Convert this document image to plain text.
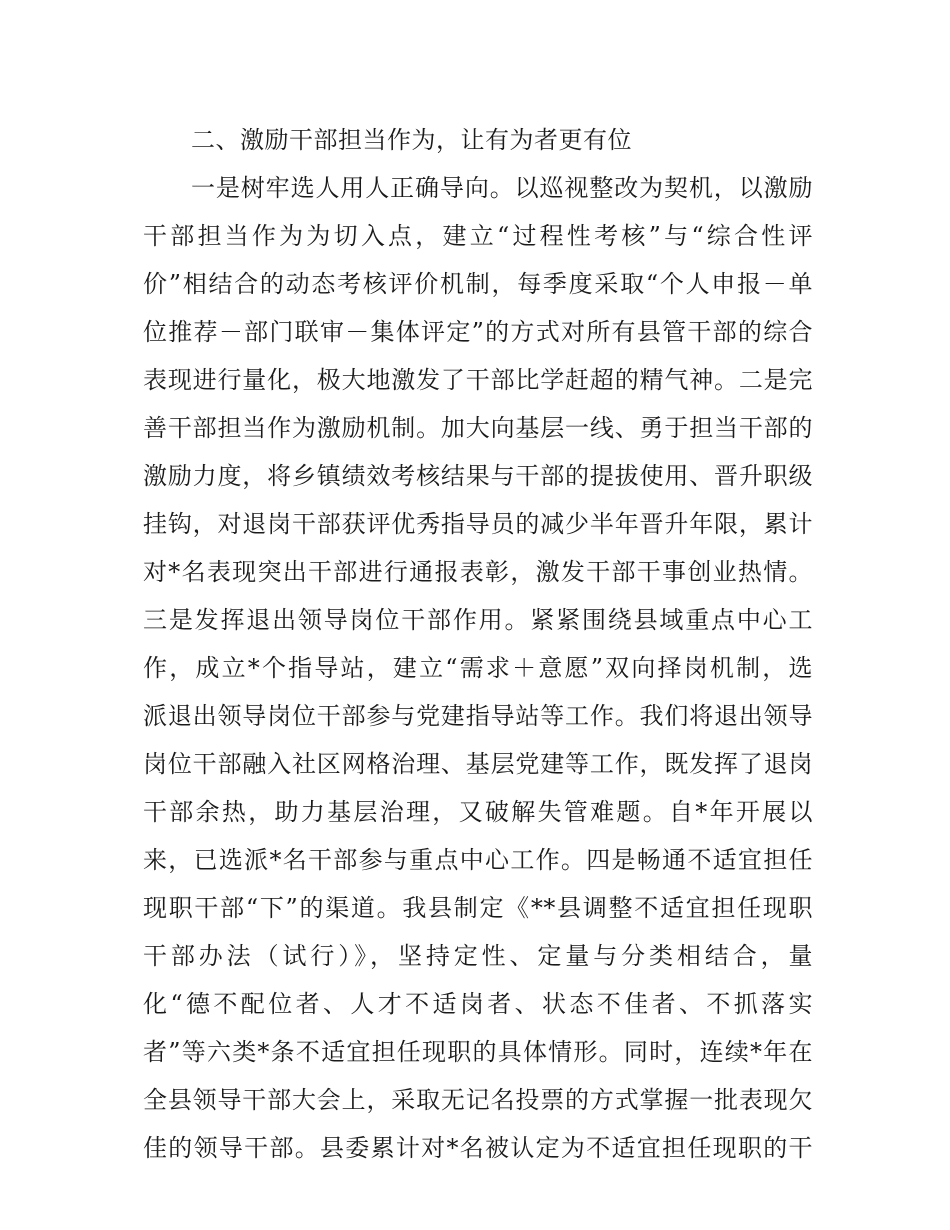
二、激励干部担当作为，让有为者更有位
一是树牢选人用人正确导向。以巡视整改为契机，以激励
干部担当作为为切入点，建立“过程性考核”与“综合性评
价”相结合的动态考核评价机制，每季度采取“个人申报－单
位推荐－部门联审－集体评定”的方式对所有县管干部的综合
表现进行量化，极大地激发了干部比学赶超的精气神。二是完
善干部担当作为激励机制。加大向基层一线、勇于担当干部的
激励力度，将乡镇绩效考核结果与干部的提拔使用、晋升职级
挂钩，对退岗干部获评优秀指导员的减少半年晋升年限，累计
对*名表现突出干部进行通报表彰，激发干部干事创业热情。
三是发挥退出领导岗位干部作用。紧紧围绕县域重点中心工
作，成立*个指导站，建立“需求＋意愿”双向择岗机制，选
派退出领导岗位干部参与党建指导站等工作。我们将退出领导
岗位干部融入社区网格治理、基层党建等工作，既发挥了退岗
干部余热，助力基层治理，又破解失管难题。自*年开展以
来，已选派*名干部参与重点中心工作。四是畅通不适宜担任
现职干部“下”的渠道。我县制定《**县调整不适宜担任现职
干部办法（试行）》，坚持定性、定量与分类相结合，量
化“德不配位者、人才不适岗者、状态不佳者、不抓落实
者”等六类*条不适宜担任现职的具体情形。同时，连续*年在
全县领导干部大会上，采取无记名投票的方式掌握一批表现欠
佳的领导干部。县委累计对*名被认定为不适宜担任现职的干
